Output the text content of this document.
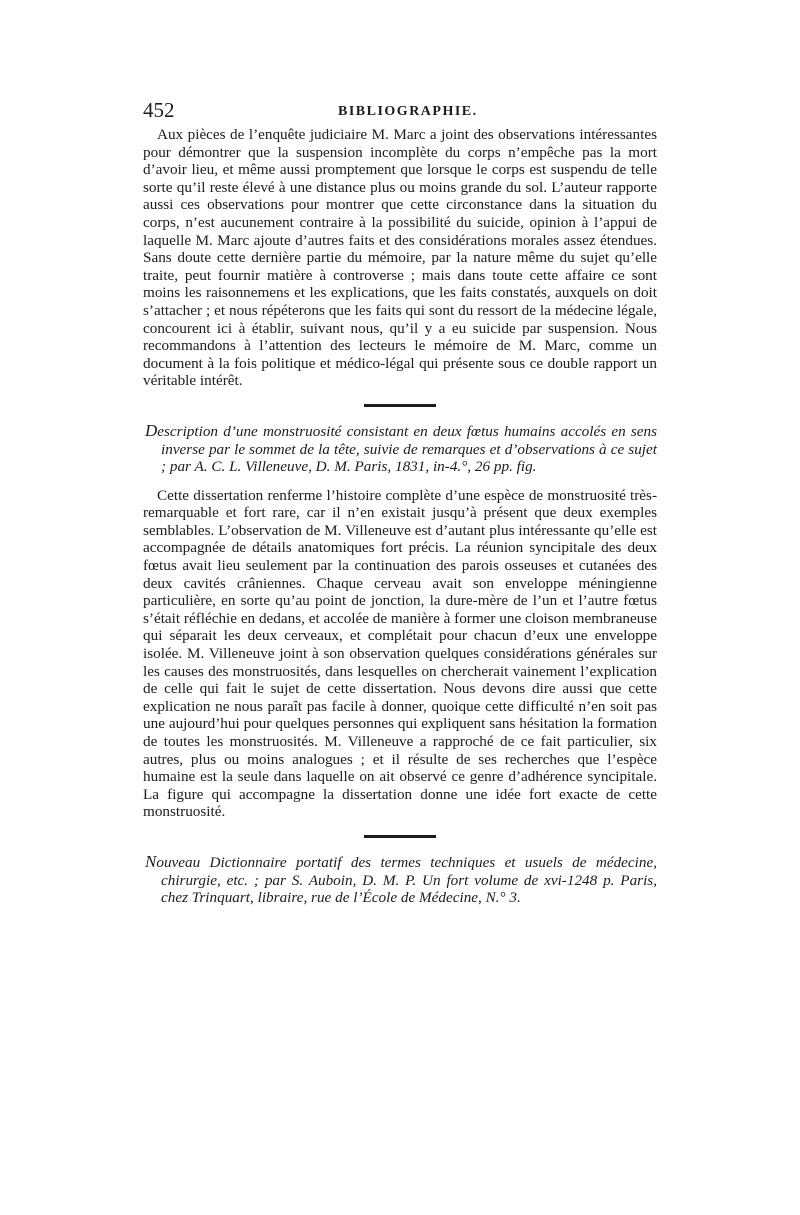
452	BIBLIOGRAPHIE.

Aux pièces de l’enquête judiciaire M. Marc a joint des observations intéressantes pour démontrer que la suspension incomplète du corps n’empêche pas la mort d’avoir lieu, et même aussi promptement que lorsque le corps est suspendu de telle sorte qu’il reste élevé à une distance plus ou moins grande du sol. L’auteur rapporte aussi ces observations pour montrer que cette circonstance dans la situation du corps, n’est aucunement contraire à la possibilité du suicide, opinion à l’appui de laquelle M. Marc ajoute d’autres faits et des considérations morales assez étendues. Sans doute cette dernière partie du mémoire, par la nature même du sujet qu’elle traite, peut fournir matière à controverse ; mais dans toute cette affaire ce sont moins les raisonnemens et les explications, que les faits constatés, auxquels on doit s’attacher ; et nous répéterons que les faits qui sont du ressort de la médecine légale, concourent ici à établir, suivant nous, qu’il y a eu suicide par suspension. Nous recommandons à l’attention des lecteurs le mémoire de M. Marc, comme un document à la fois politique et médico-légal qui présente sous ce double rapport un véritable intérêt.

Description d’une monstruosité consistant en deux fœtus humains accolés en sens inverse par le sommet de la tête, suivie de remarques et d’observations à ce sujet ; par A. C. L. Villeneuve, D. M. Paris, 1831, in-4.°, 26 pp. fig.

Cette dissertation renferme l’histoire complète d’une espèce de monstruosité très-remarquable et fort rare, car il n’en existait jusqu’à présent que deux exemples semblables. L’observation de M. Villeneuve est d’autant plus intéressante qu’elle est accompagnée de détails anatomiques fort précis. La réunion syncipitale des deux fœtus avait lieu seulement par la continuation des parois osseuses et cutanées des deux cavités crâniennes. Chaque cerveau avait son enveloppe méningienne particulière, en sorte qu’au point de jonction, la dure-mère de l’un et l’autre fœtus s’était réfléchie en dedans, et accolée de manière à former une cloison membraneuse qui séparait les deux cerveaux, et complétait pour chacun d’eux une enveloppe isolée. M. Villeneuve joint à son observation quelques considérations générales sur les causes des monstruosités, dans lesquelles on chercherait vainement l’explication de celle qui fait le sujet de cette dissertation. Nous devons dire aussi que cette explication ne nous paraît pas facile à donner, quoique cette difficulté n’en soit pas une aujourd’hui pour quelques personnes qui expliquent sans hésitation la formation de toutes les monstruosités. M. Villeneuve a rapproché de ce fait particulier, six autres, plus ou moins analogues ; et il résulte de ses recherches que l’espèce humaine est la seule dans laquelle on ait observé ce genre d’adhérence syncipitale. La figure qui accompagne la dissertation donne une idée fort exacte de cette monstruosité.

Nouveau Dictionnaire portatif des termes techniques et usuels de médecine, chirurgie, etc. ; par S. Auboin, D. M. P. Un fort volume de xvi-1248 p. Paris, chez Trinquart, libraire, rue de l’École de Médecine, N.° 3.
